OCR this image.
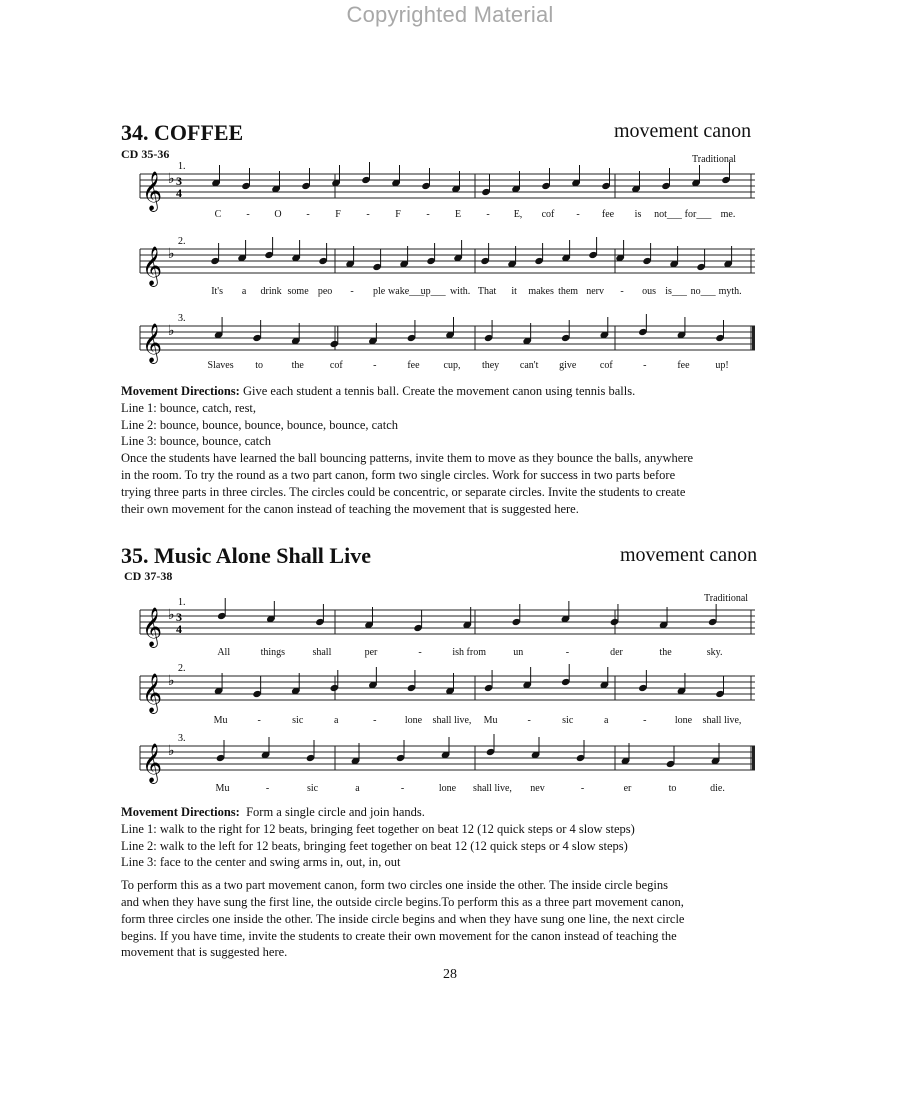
Copyrighted Material
34. COFFEE	movement canon
CD 35-36	Traditional
𝄞 ♭
1.
3
4
C - O -	F	-	F	-	E	- E, cof - fee is not___ for___ me.
𝄞 ♭
2.
It's a drink some peo - ple wake___
up___ with. That it makes them nerv - ous is___ no___ myth.
𝄞 ♭
3.
Slaves to	the	cof	-	fee cup, they can't give cof	-	fee	up!

Movement Directions: Give each student a tennis ball. Create the movement canon using tennis balls.

Line 1: bounce, catch, rest,

Line 2: bounce, bounce, bounce, bounce, bounce, catch

Line 3: bounce, bounce, catch

Once the students have learned the ball bouncing patterns, invite them to move as they bounce the balls, anywhere

in the room. To try the round as a two part canon, form two single circles. Work for success in two parts before

trying three parts in three circles. The circles could be concentric, or separate circles. Invite the students to create

their own movement for the canon instead of teaching the movement that is suggested here.

35. Music Alone Shall Live	movement canon
CD 37-38
Traditional
𝄞 ♭
1.
3
4
All	things	shall	per	-	ish from	un	-	der	the	sky.
𝄞 ♭
2.
Mu	-	sic	a	-	lone shall live, Mu	-	sic	a	-	lone shall live,
𝄞 ♭
3.
Mu	-	sic	a	-	lone shall live, nev	-	er	to	die.

Movement Directions: Form a single circle and join hands.

Line 1: walk to the right for 12 beats, bringing feet together on beat 12 (12 quick steps or 4 slow steps)

Line 2: walk to the left for 12 beats, bringing feet together on beat 12 (12 quick steps or 4 slow steps)

Line 3: face to the center and swing arms in, out, in, out

To perform this as a two part movement canon, form two circles one inside the other. The inside circle begins

and when they have sung the first line, the outside circle begins.To perform this as a three part movement canon,

form three circles one inside the other. The inside circle begins and when they have sung one line, the next circle

begins. If you have time, invite the students to create their own movement for the canon instead of teaching the

movement that is suggested here.

28
